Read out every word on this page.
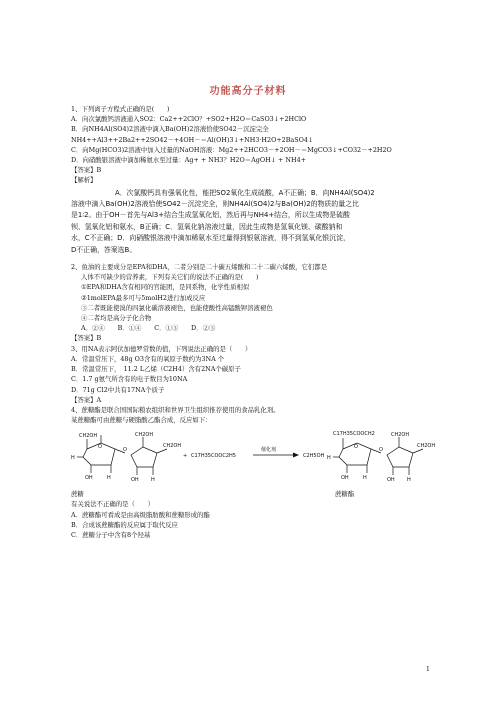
功能高分子材料
1、下列离子方程式正确的是(　　)
A．向次氯酸钙溶液通入SO2：Ca2++2ClO？+SO2+H2O＝CaSO3↓+2HClO
B．向NH4Al(SO4)2溶液中滴入Ba(OH)2溶液恰使SO42－沉淀完全
NH4++Al3++2Ba2++2SO42－+4OH－＝Al(OH)3↓+NH3·H2O+2BaSO4↓
C．向Mg(HCO3)2溶液中加入过量的NaOH溶液：Mg2++2HCO3－+2OH－＝MgCO3↓+CO32－+2H2O
D．向硝酸银溶液中滴加稀氨水至过量：Ag+ + NH3？H2O＝AgOH↓ + NH4+
【答案】B
【解析】
A．次氯酸钙具有强氧化性，能把SO2氧化生成硫酸，A不正确；B．向NH4Al(SO4)2
溶液中滴入Ba(OH)2溶液恰使SO42－沉淀完全，则NH4Al(SO4)2与Ba(OH)2的物质的量之比
是1∶2。由于OH－首先与Al3+结合生成氢氧化铝，然后再与NH4+结合，所以生成物是硫酸
钡、氢氧化铝和氨水，B正确；C．氢氧化钠溶液过量，因此生成物是氢氧化镁、碳酸钠和
水，C不正确；D．向硝酸银溶液中滴加稀氨水至过量得到银氨溶液，得不到氢氧化银沉淀，
D不正确，答案选B。
2、鱼油的主要成分是EPA和DHA，二者分别是二十碳五烯酸和二十二碳六烯酸，它们都是
人体不可缺少的营养素，下列有关它们的说法不正确的是(　　)
①EPA和DHA含有相同的官能团，是同系物，化学性质相似
②1molEPA最多可与5molH2进行加成反应
③二者既能使溴的四氯化碳溶液褪色，也能使酸性高锰酸钾溶液褪色
④二者均是高分子化合物
A．②④　　B．①④　　C．①③　　D．②③
【答案】B
3、用NA表示阿伏加德罗常数的值，下列说法正确的是（　　）
A．常温常压下，48g O3含有的氧原子数约为3NA 个
B．常温常压下，　11.2 L乙烯（C2H4）含有2NA个碳原子
C．1.7 g氨气所含有的电子数目为10NA
D．71g Cl2中共有17NA个质子
【答案】A
4、蔗糖酯是联合国国际粮农组织和世界卫生组织推荐使用的食品乳化剂。
某蔗糖酯可由蔗糖与硬脂酸乙酯合成，反应如下：
CH2OH
O
H
OH	H
O
CH2OH
CH2OH
OH H
+ C17H35COOC2H5
催化剂
C2H5OH
C17H35COOCH2
O
H
OH	H
O
CH2OH
CH2OH
OH H
蔗糖	蔗糖酯
有关说法不正确的是（　　）
A．蔗糖酯可看成是由高级脂肪酸和蔗糖形成的酯
B．合成该蔗糖酯的反应属于取代反应
C．蔗糖分子中含有8个羟基
1
